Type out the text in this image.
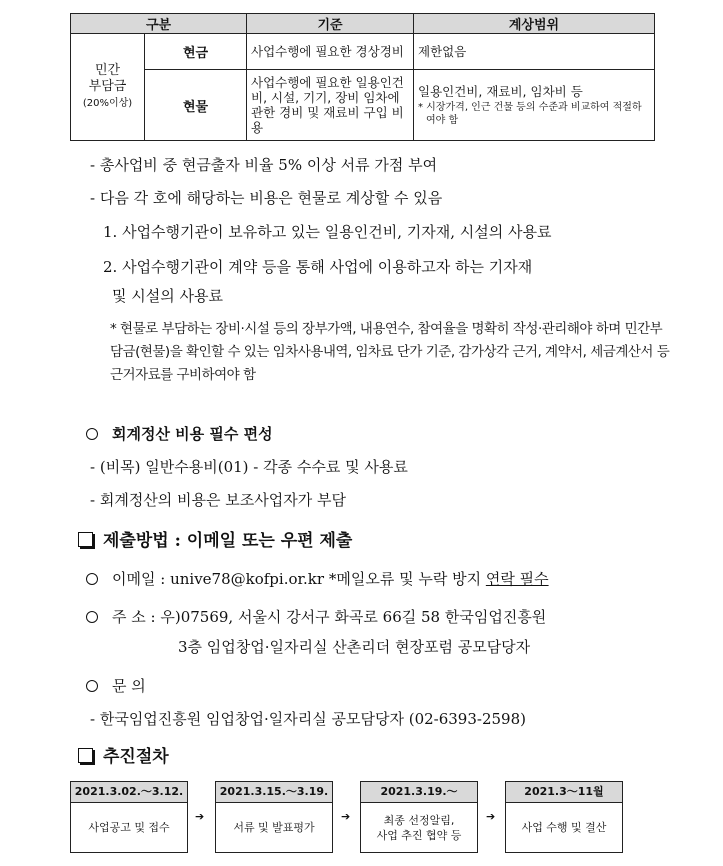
구분		기준	계상범위

민간
부담금
(20%이상)	현금	사업수행에 필요한 경상경비	제한없음

	현물	사업수행에 필요한 일용인건비, 시설, 기기, 장비 임차에 관한 경비 및 재료비 구입 비용	일용인건비, 재료비, 임차비 등
* 시장가격, 인근 건물 등의 수준과 비교하여 적절하여야 함
- 총사업비 중 현금출자 비율 5% 이상 서류 가점 부여
- 다음 각 호에 해당하는 비용은 현물로 계상할 수 있음
1. 사업수행기관이 보유하고 있는 일용인건비, 기자재, 시설의 사용료
2. 사업수행기관이 계약 등을 통해 사업에 이용하고자 하는 기자재
및 시설의 사용료
* 현물로 부담하는 장비·시설 등의 장부가액, 내용연수, 참여율을 명확히 작성·관리해야 하며 민간부담금(현물)을 확인할 수 있는 임차사용내역, 임차료 단가 기준, 감가상각 근거, 계약서, 세금계산서 등 근거자료를 구비하여야 함
회계정산 비용 필수 편성
- (비목) 일반수용비(01) - 각종 수수료 및 사용료
- 회계정산의 비용은 보조사업자가 부담
제출방법 : 이메일 또는 우편 제출
이메일 : unive78@kofpi.or.kr *메일오류 및 누락 방지 연락 필수
주 소 : 우)07569, 서울시 강서구 화곡로 66길 58 한국임업진흥원
3층 임업창업·일자리실 산촌리더 현장포럼 공모담당자
문 의
- 한국임업진흥원 임업창업·일자리실 공모담당자 (02-6393-2598)
추진절차
2021.3.02.～3.12.
사업공고 및 접수
➔
2021.3.15.～3.19.
서류 및 발표평가
➔
2021.3.19.～
최종 선정알림,
사업 추진 협약 등
➔
2021.3～11월
사업 수행 및 결산
